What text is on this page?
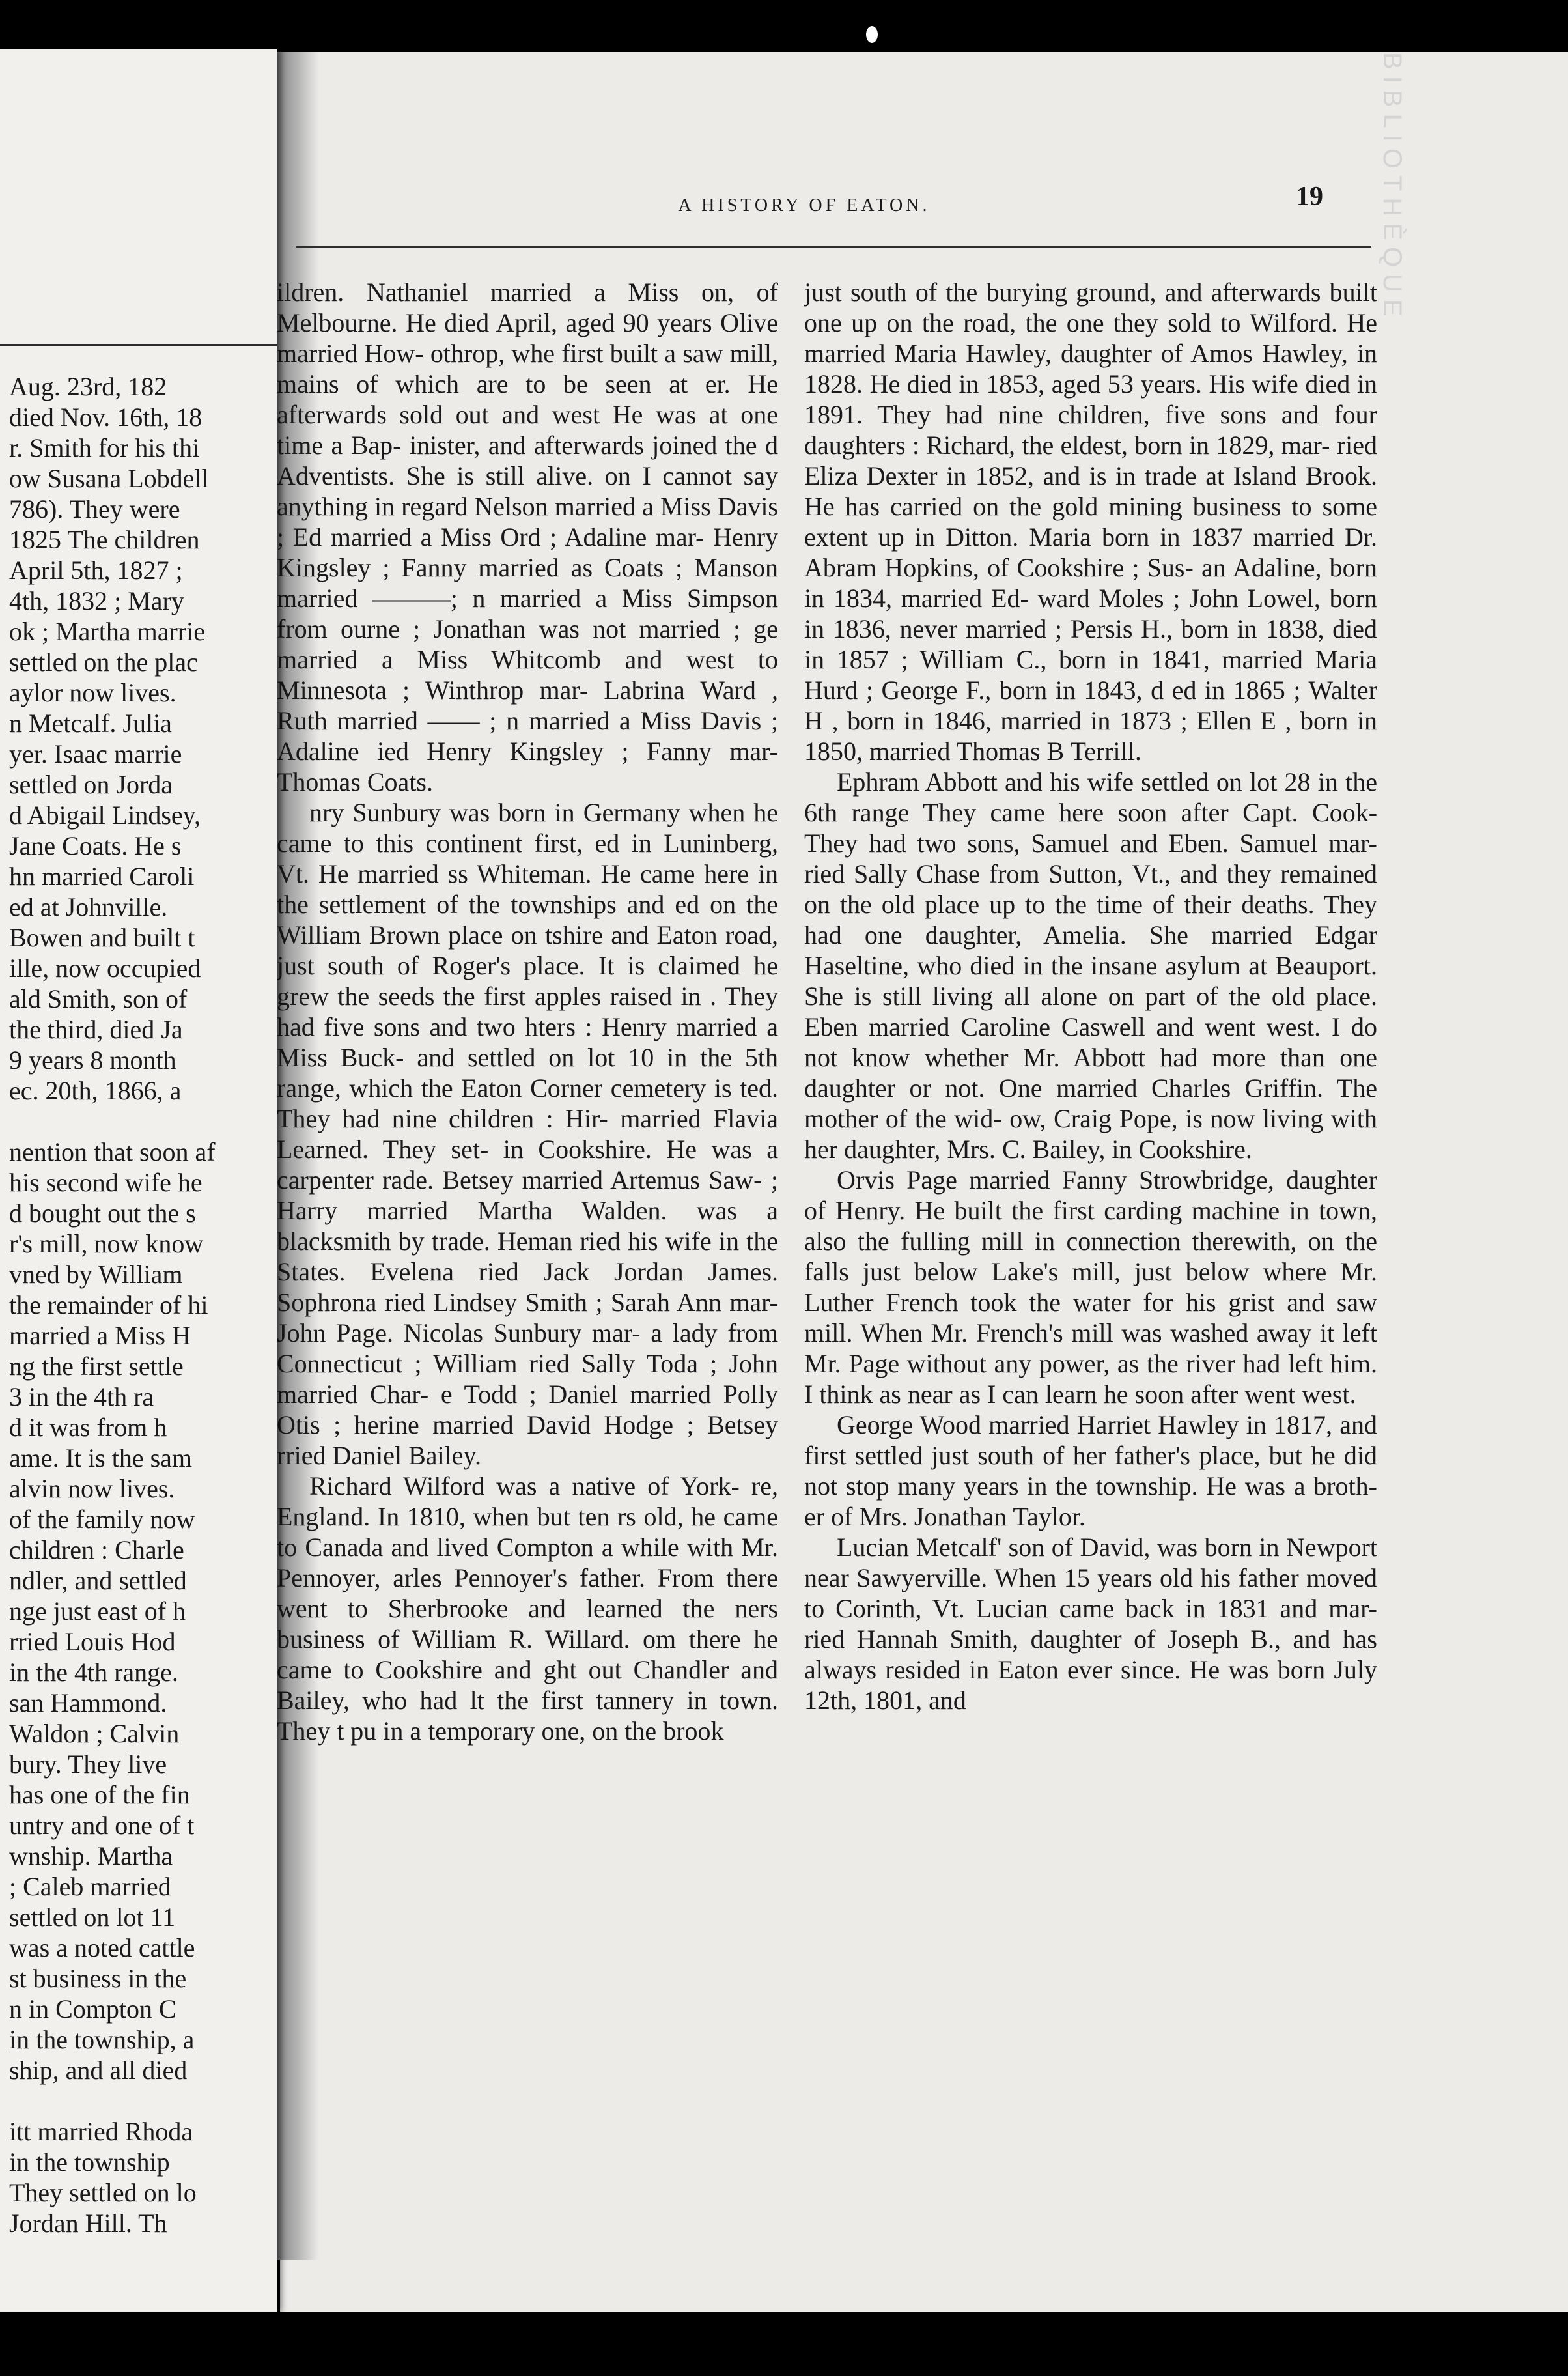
BIBLIOTHÈQUE
A HISTORY OF EATON.	19

ildren. Nathaniel married a Miss on, of Melbourne. He died April, aged 90 years Olive married How- othrop, whe first built a saw mill, mains of which are to be seen at er. He afterwards sold out and west He was at one time a Bap- inister, and afterwards joined the d Adventists. She is still alive. on I cannot say anything in regard Nelson married a Miss Davis ; Ed married a Miss Ord ; Adaline mar- Henry Kingsley ; Fanny married as Coats ; Manson married ———; n married a Miss Simpson from ourne ; Jonathan was not married ; ge married a Miss Whitcomb and west to Minnesota ; Winthrop mar- Labrina Ward , Ruth married —— ; n married a Miss Davis ; Adaline ied Henry Kingsley ; Fanny mar- Thomas Coats.

nry Sunbury was born in Germany when he came to this continent first, ed in Luninberg, Vt. He married ss Whiteman. He came here in the settlement of the townships and ed on the William Brown place on tshire and Eaton road, just south of Roger's place. It is claimed he grew the seeds the first apples raised in . They had five sons and two hters : Henry married a Miss Buck- and settled on lot 10 in the 5th range, which the Eaton Corner cemetery is ted. They had nine children : Hir- married Flavia Learned. They set- in Cookshire. He was a carpenter rade. Betsey married Artemus Saw- ; Harry married Martha Walden. was a blacksmith by trade. Heman ried his wife in the States. Evelena ried Jack Jordan James. Sophrona ried Lindsey Smith ; Sarah Ann mar- John Page. Nicolas Sunbury mar- a lady from Connecticut ; William ried Sally Toda ; John married Char- e Todd ; Daniel married Polly Otis ; herine married David Hodge ; Betsey rried Daniel Bailey.

Richard Wilford was a native of York- re, England. In 1810, when but ten rs old, he came to Canada and lived Compton a while with Mr. Pennoyer, arles Pennoyer's father. From there went to Sherbrooke and learned the ners business of William R. Willard. om there he came to Cookshire and ght out Chandler and Bailey, who had lt the first tannery in town. They t pu in a temporary one, on the brook

just south of the burying ground, and afterwards built one up on the road, the one they sold to Wilford. He married Maria Hawley, daughter of Amos Hawley, in 1828. He died in 1853, aged 53 years. His wife died in 1891. They had nine children, five sons and four daughters : Richard, the eldest, born in 1829, mar- ried Eliza Dexter in 1852, and is in trade at Island Brook. He has carried on the gold mining business to some extent up in Ditton. Maria born in 1837 married Dr. Abram Hopkins, of Cookshire ; Sus- an Adaline, born in 1834, married Ed- ward Moles ; John Lowel, born in 1836, never married ; Persis H., born in 1838, died in 1857 ; William C., born in 1841, married Maria Hurd ; George F., born in 1843, d ed in 1865 ; Walter H , born in 1846, married in 1873 ; Ellen E , born in 1850, married Thomas B Terrill.

Ephram Abbott and his wife settled on lot 28 in the 6th range They came here soon after Capt. Cook- They had two sons, Samuel and Eben. Samuel mar- ried Sally Chase from Sutton, Vt., and they remained on the old place up to the time of their deaths. They had one daughter, Amelia. She married Edgar Haseltine, who died in the insane asylum at Beauport. She is still living all alone on part of the old place. Eben married Caroline Caswell and went west. I do not know whether Mr. Abbott had more than one daughter or not. One married Charles Griffin. The mother of the wid- ow, Craig Pope, is now living with her daughter, Mrs. C. Bailey, in Cookshire.

Orvis Page married Fanny Strowbridge, daughter of Henry. He built the first carding machine in town, also the fulling mill in connection therewith, on the falls just below Lake's mill, just below where Mr. Luther French took the water for his grist and saw mill. When Mr. French's mill was washed away it left Mr. Page without any power, as the river had left him. I think as near as I can learn he soon after went west.

George Wood married Harriet Hawley in 1817, and first settled just south of her father's place, but he did not stop many years in the township. He was a broth- er of Mrs. Jonathan Taylor.

Lucian Metcalf' son of David, was born in Newport near Sawyerville. When 15 years old his father moved to Corinth, Vt. Lucian came back in 1831 and mar- ried Hannah Smith, daughter of Joseph B., and has always resided in Eaton ever since. He was born July 12th, 1801, and

Aug. 23rd, 182
died Nov. 16th, 18
r. Smith for his thi
ow Susana Lobdell
786). They were
1825 The children
April 5th, 1827 ;
4th, 1832 ; Mary
ok ; Martha marrie
settled on the plac
aylor now lives.
n Metcalf. Julia
yer. Isaac marrie
settled on Jorda
d Abigail Lindsey,
Jane Coats. He s
hn married Caroli
ed at Johnville.
Bowen and built t
ille, now occupied
ald Smith, son of
the third, died Ja
9 years 8 month
ec. 20th, 1866, a
nention that soon af
his second wife he
d bought out the s
r's mill, now know
vned by William
the remainder of hi
married a Miss H
ng the first settle
3 in the 4th ra
d it was from h
ame. It is the sam
alvin now lives.
of the family now
children : Charle
ndler, and settled
nge just east of h
rried Louis Hod
in the 4th range.
san Hammond.
Waldon ; Calvin
bury. They live
has one of the fin
untry and one of t
wnship. Martha
; Caleb married
settled on lot 11
was a noted cattle
st business in the
n in Compton C
in the township, a
ship, and all died
itt married Rhoda
in the township
They settled on lo
Jordan Hill. Th
